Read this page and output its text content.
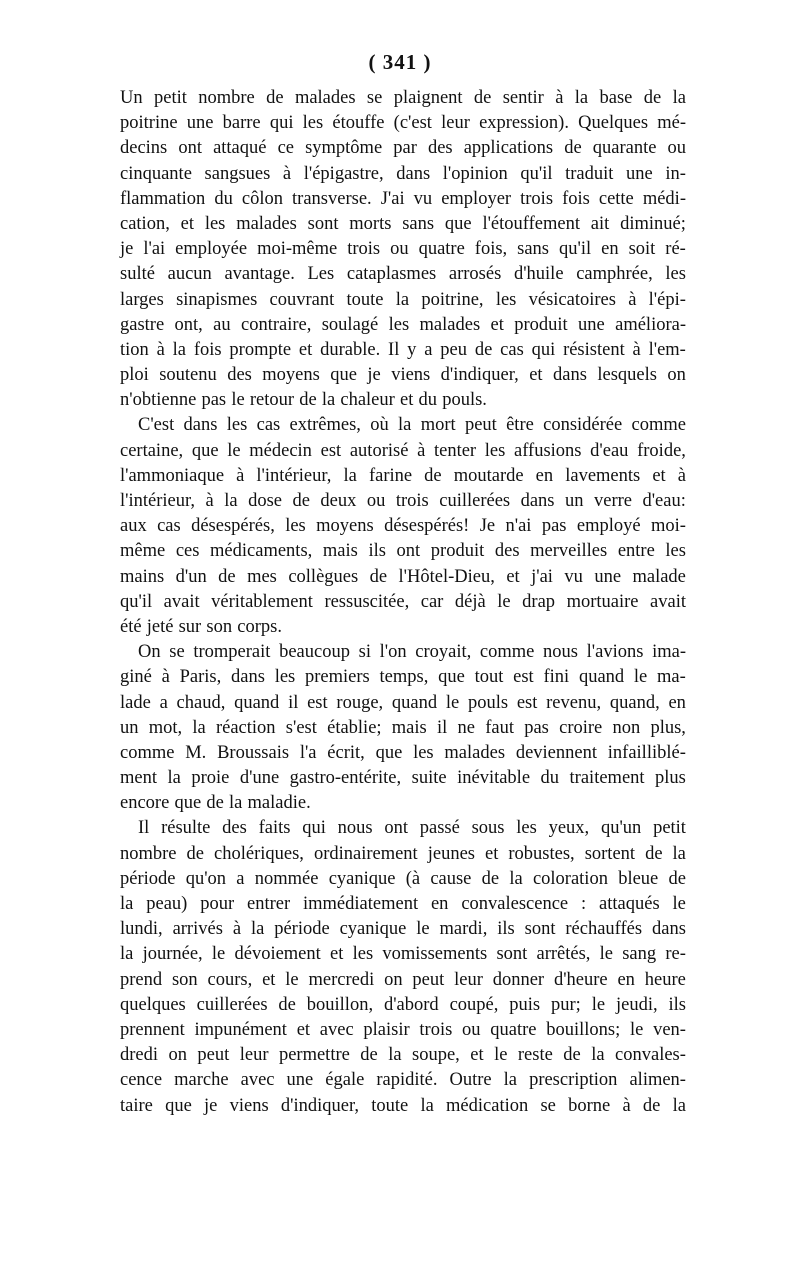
( 341 )
Un petit nombre de malades se plaignent de sentir à la base de la
poitrine une barre qui les étouffe (c'est leur expression). Quelques mé-
decins ont attaqué ce symptôme par des applications de quarante ou
cinquante sangsues à l'épigastre, dans l'opinion qu'il traduit une in-
flammation du côlon transverse. J'ai vu employer trois fois cette médi-
cation, et les malades sont morts sans que l'étouffement ait diminué;
je l'ai employée moi-même trois ou quatre fois, sans qu'il en soit ré-
sulté aucun avantage. Les cataplasmes arrosés d'huile camphrée, les
larges sinapismes couvrant toute la poitrine, les vésicatoires à l'épi-
gastre ont, au contraire, soulagé les malades et produit une améliora-
tion à la fois prompte et durable. Il y a peu de cas qui résistent à l'em-
ploi soutenu des moyens que je viens d'indiquer, et dans lesquels on
n'obtienne pas le retour de la chaleur et du pouls.
C'est dans les cas extrêmes, où la mort peut être considérée comme
certaine, que le médecin est autorisé à tenter les affusions d'eau froide,
l'ammoniaque à l'intérieur, la farine de moutarde en lavements et à
l'intérieur, à la dose de deux ou trois cuillerées dans un verre d'eau:
aux cas désespérés, les moyens désespérés! Je n'ai pas employé moi-
même ces médicaments, mais ils ont produit des merveilles entre les
mains d'un de mes collègues de l'Hôtel-Dieu, et j'ai vu une malade
qu'il avait véritablement ressuscitée, car déjà le drap mortuaire avait
été jeté sur son corps.
On se tromperait beaucoup si l'on croyait, comme nous l'avions ima-
giné à Paris, dans les premiers temps, que tout est fini quand le ma-
lade a chaud, quand il est rouge, quand le pouls est revenu, quand, en
un mot, la réaction s'est établie; mais il ne faut pas croire non plus,
comme M. Broussais l'a écrit, que les malades deviennent infailliblé-
ment la proie d'une gastro-entérite, suite inévitable du traitement plus
encore que de la maladie.
Il résulte des faits qui nous ont passé sous les yeux, qu'un petit
nombre de cholériques, ordinairement jeunes et robustes, sortent de la
période qu'on a nommée cyanique (à cause de la coloration bleue de
la peau) pour entrer immédiatement en convalescence : attaqués le
lundi, arrivés à la période cyanique le mardi, ils sont réchauffés dans
la journée, le dévoiement et les vomissements sont arrêtés, le sang re-
prend son cours, et le mercredi on peut leur donner d'heure en heure
quelques cuillerées de bouillon, d'abord coupé, puis pur; le jeudi, ils
prennent impunément et avec plaisir trois ou quatre bouillons; le ven-
dredi on peut leur permettre de la soupe, et le reste de la convales-
cence marche avec une égale rapidité. Outre la prescription alimen-
taire que je viens d'indiquer, toute la médication se borne à de la
